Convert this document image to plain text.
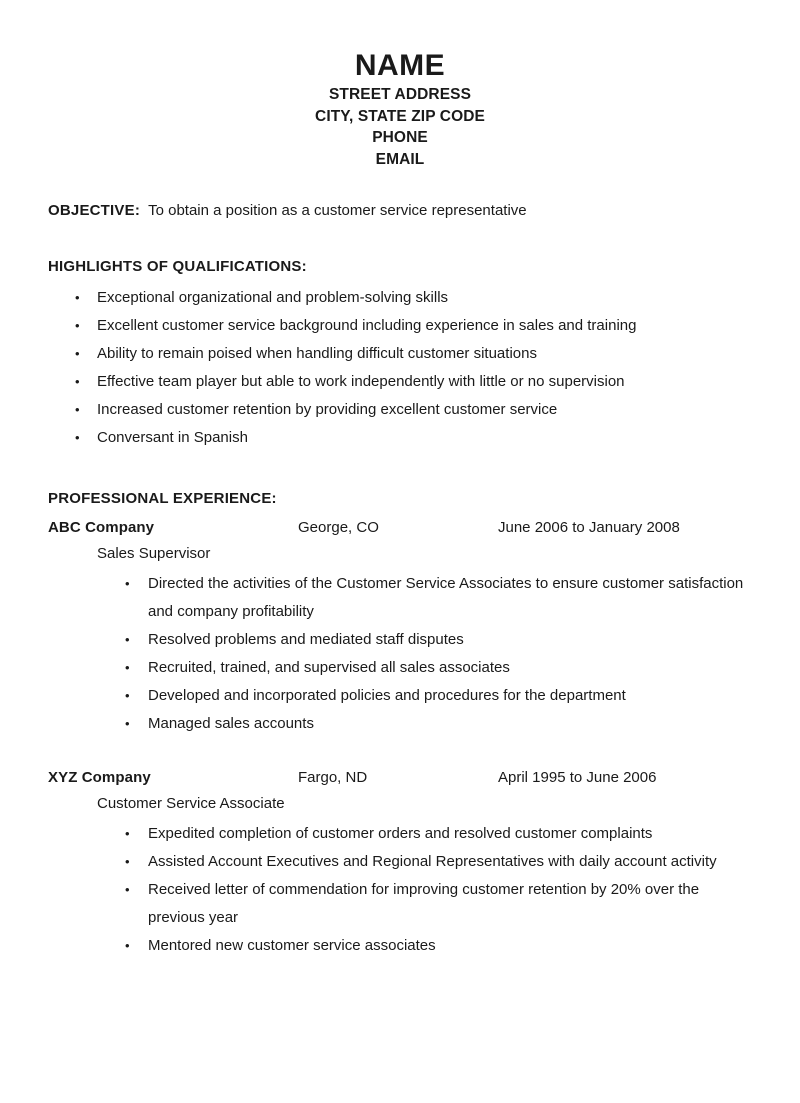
NAME
STREET ADDRESS
CITY, STATE ZIP CODE
PHONE
EMAIL
OBJECTIVE: To obtain a position as a customer service representative
HIGHLIGHTS OF QUALIFICATIONS:
• Exceptional organizational and problem-solving skills
• Excellent customer service background including experience in sales and training
• Ability to remain poised when handling difficult customer situations
• Effective team player but able to work independently with little or no supervision
• Increased customer retention by providing excellent customer service
• Conversant in Spanish
PROFESSIONAL EXPERIENCE:
ABC Company	George, CO	June 2006 to January 2008
Sales Supervisor
• Directed the activities of the Customer Service Associates to ensure customer satisfaction and company profitability
• Resolved problems and mediated staff disputes
• Recruited, trained, and supervised all sales associates
• Developed and incorporated policies and procedures for the department
• Managed sales accounts
XYZ Company	Fargo, ND	April 1995 to June 2006
Customer Service Associate
• Expedited completion of customer orders and resolved customer complaints
• Assisted Account Executives and Regional Representatives with daily account activity
• Received letter of commendation for improving customer retention by 20% over the previous year
• Mentored new customer service associates
